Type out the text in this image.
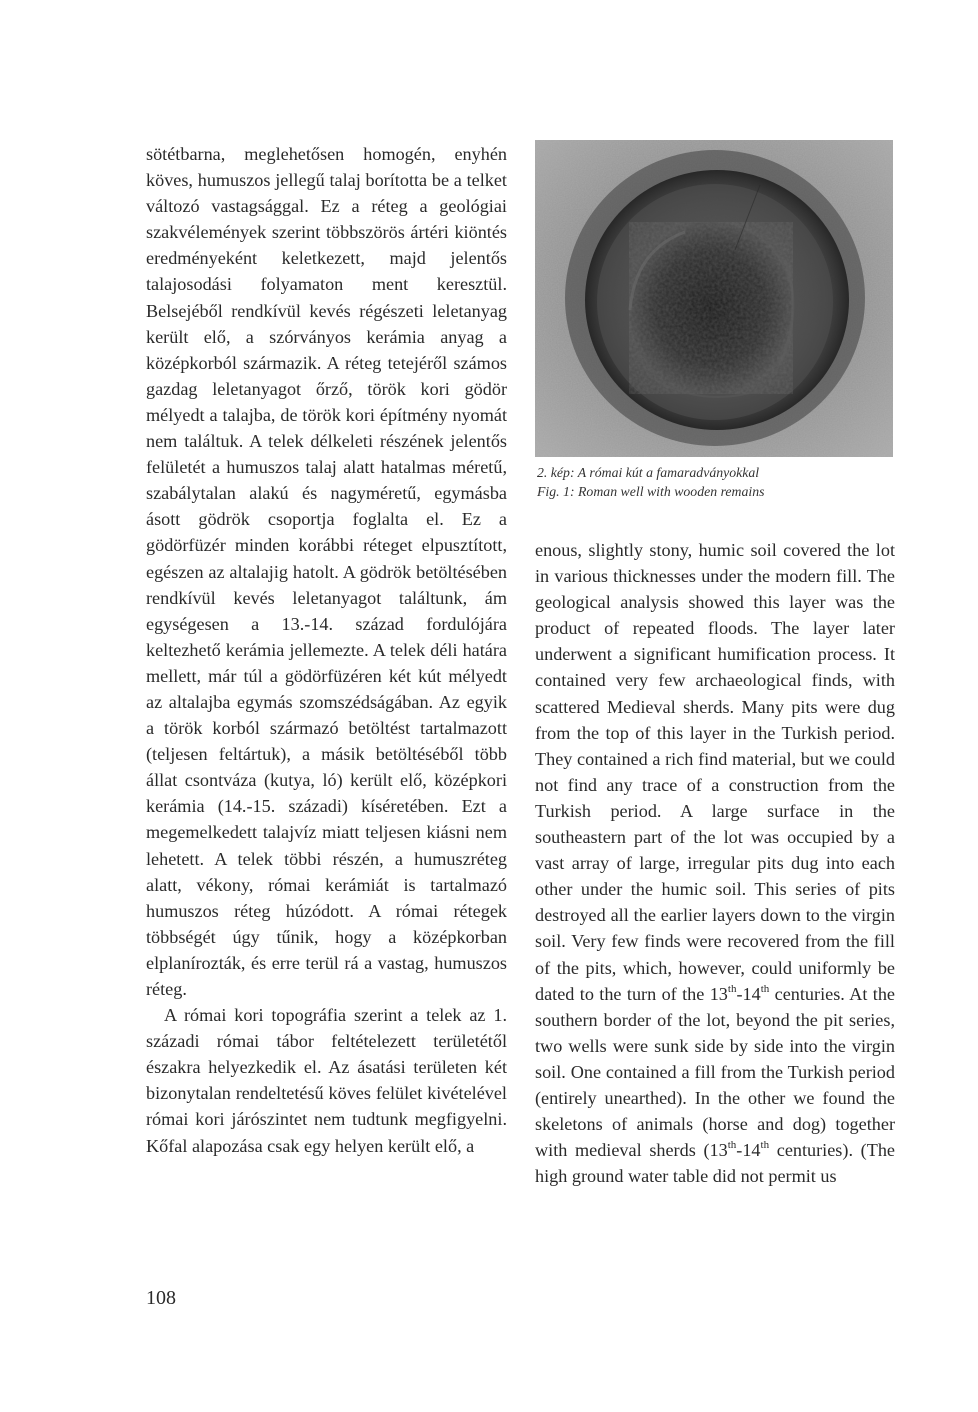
sötétbarna, meglehetősen homogén, enyhén köves, humuszos jellegű talaj borította be a telket változó vastagsággal. Ez a réteg a geológiai szakvélemények szerint többszörös ártéri kiöntés eredményeként keletkezett, majd jelentős talajosodási folyamaton ment keresztül. Belsejéből rendkívül kevés régészeti leletanyag került elő, a szórványos kerámia anyag a középkorból származik. A réteg tetejéről számos gazdag leletanyagot őrző, török kori gödör mélyedt a talajba, de török kori építmény nyomát nem találtuk. A telek délkeleti részének jelentős felületét a humuszos talaj alatt hatalmas méretű, szabálytalan alakú és nagyméretű, egymásba ásott gödrök csoportja foglalta el. Ez a gödörfüzér minden korábbi réteget elpusztított, egészen az altalajig hatolt. A gödrök betöltésében rendkívül kevés leletanyagot találtunk, ám egységesen a 13.-14. század fordulójára keltezhető kerámia jellemezte. A telek déli határa mellett, már túl a gödörfüzéren két kút mélyedt az altalajba egymás szomszédságában. Az egyik a török korból származó betöltést tartalmazott (teljesen feltártuk), a másik betöltéséből több állat csontváza (kutya, ló) került elő, középkori kerámia (14.-15. századi) kíséretében. Ezt a megemelkedett talajvíz miatt teljesen kiásni nem lehetett. A telek többi részén, a humuszréteg alatt, vékony, római kerámiát is tartalmazó humuszos réteg húzódott. A római rétegek többségét úgy tűnik, hogy a középkorban elplanírozták, és erre terül rá a vastag, humuszos réteg.

A római kori topográfia szerint a telek az 1. századi római tábor feltételezett területétől északra helyezkedik el. Az ásatási területen két bizonytalan rendeltetésű köves felület kivételével római kori járószintet nem tudtunk megfigyelni. Kőfal alapozása csak egy helyen került elő, a

2. kép: A római kút a famaradványokkal
Fig. 1: Roman well with wooden remains

enous, slightly stony, humic soil covered the lot in various thicknesses under the modern fill. The geological analysis showed this layer was the product of repeated floods. The layer later underwent a significant humification process. It contained very few archaeological finds, with scattered Medieval sherds. Many pits were dug from the top of this layer in the Turkish period. They contained a rich find material, but we could not find any trace of a construction from the Turkish period. A large surface in the southeastern part of the lot was occupied by a vast array of large, irregular pits dug into each other under the humic soil. This series of pits destroyed all the earlier layers down to the virgin soil. Very few finds were recovered from the fill of the pits, which, however, could uniformly be dated to the turn of the 13th-14th centuries. At the southern border of the lot, beyond the pit series, two wells were sunk side by side into the virgin soil. One contained a fill from the Turkish period (entirely unearthed). In the other we found the skeletons of animals (horse and dog) together with medieval sherds (13th-14th centuries). (The high ground water table did not permit us

108
